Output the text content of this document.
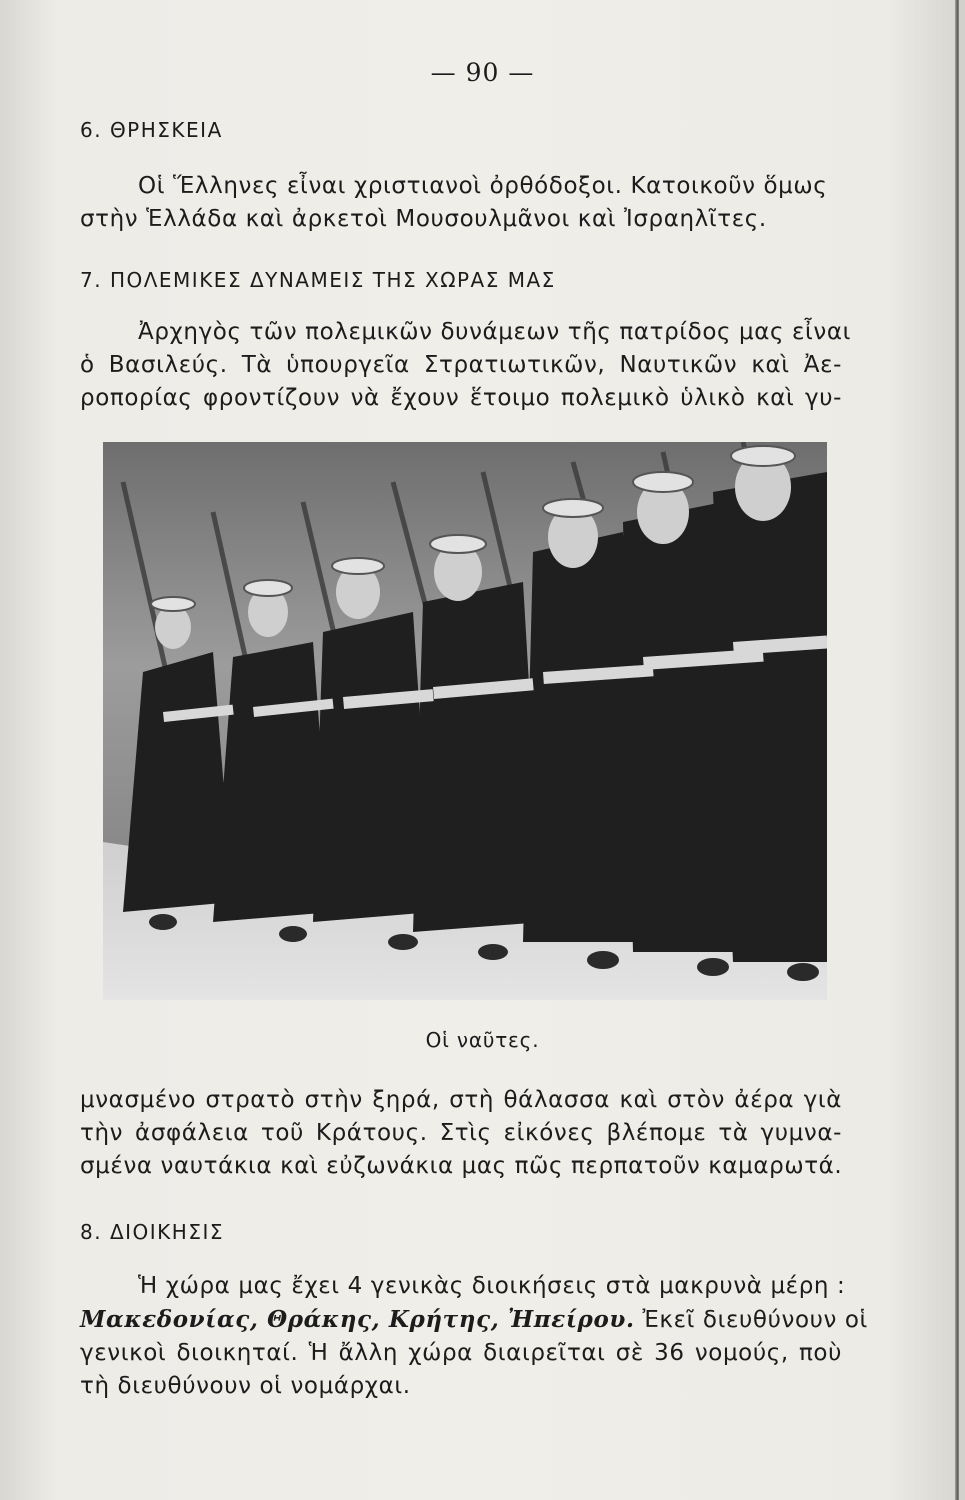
— 90 —
6. ΘΡΗΣΚΕΙΑ
Οἱ Ἕλληνες εἶναι χριστιανοὶ ὀρθόδοξοι. Κατοικοῦν ὅμως
στὴν Ἑλλάδα καὶ ἀρκετοὶ Μουσουλμᾶνοι καὶ Ἰσραηλῖτες.
7. ΠΟΛΕΜΙΚΕΣ ΔΥΝΑΜΕΙΣ ΤΗΣ ΧΩΡΑΣ ΜΑΣ
Ἀρχηγὸς τῶν πολεμικῶν δυνάμεων τῆς πατρίδος μας εἶναι
ὁ Βασιλεύς. Τὰ ὑπουργεῖα Στρατιωτικῶν, Ναυτικῶν καὶ Ἀε-
ροπορίας φροντίζουν νὰ ἔχουν ἕτοιμο πολεμικὸ ὑλικὸ καὶ γυ-
Οἱ ναῦτες.
μνασμένο στρατὸ στὴν ξηρά, στὴ θάλασσα καὶ στὸν ἀέρα γιὰ
τὴν ἀσφάλεια τοῦ Κράτους. Στὶς εἰκόνες βλέπομε τὰ γυμνα-
σμένα ναυτάκια καὶ εὐζωνάκια μας πῶς περπατοῦν καμαρωτά.
8. ΔΙΟΙΚΗΣΙΣ
Ἡ χώρα μας ἔχει 4 γενικὰς διοικήσεις στὰ μακρυνὰ μέρη :
Μακεδονίας, Θράκης, Κρήτης, Ἠπείρου. Ἐκεῖ διευθύνουν οἱ
γενικοὶ διοικηταί. Ἡ ἄλλη χώρα διαιρεῖται σὲ 36 νομούς, ποὺ
τὴ διευθύνουν οἱ νομάρχαι.
